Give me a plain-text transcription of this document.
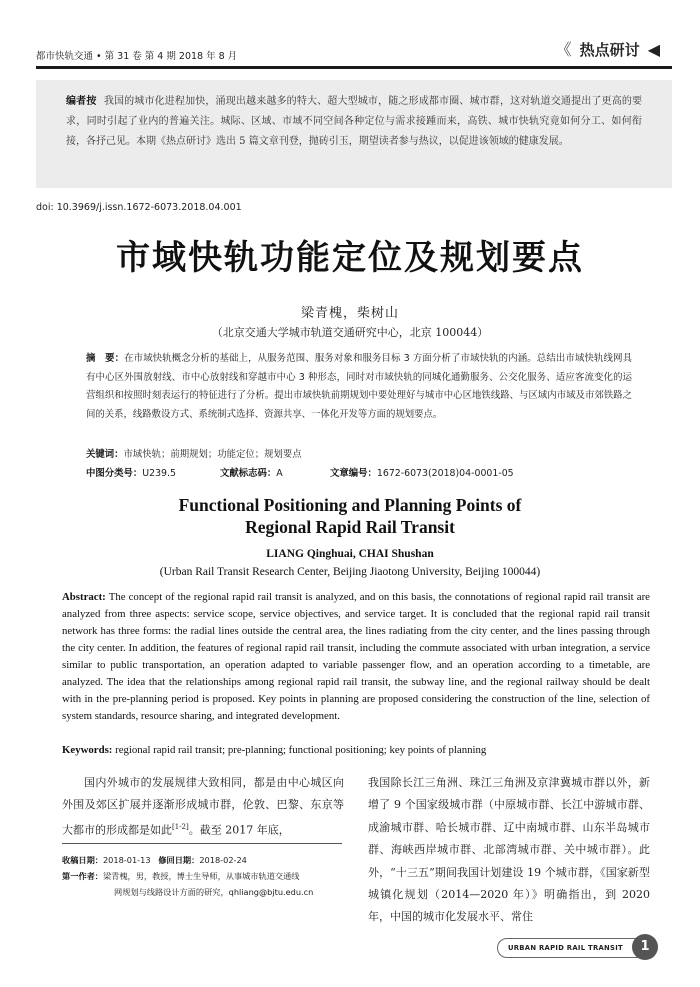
都市快轨交通 • 第 31 卷 第 4 期 2018 年 8 月	《 热点研讨 ◀
编者按 我国的城市化进程加快，涌现出越来越多的特大、超大型城市，随之形成都市圈、城市群，这对轨道交通提出了更高的要求，同时引起了业内的普遍关注。城际、区域、市域不同空间各种定位与需求接踵而来，高铁、城市快轨究竟如何分工、如何衔接，各抒己见。本期《热点研讨》选出 5 篇文章刊登，抛砖引玉，期望读者参与热议，以促进该领域的健康发展。
doi: 10.3969/j.issn.1672-6073.2018.04.001
市域快轨功能定位及规划要点
梁青槐，柴树山
（北京交通大学城市轨道交通研究中心，北京 100044）
摘　要：在市域快轨概念分析的基础上，从服务范围、服务对象和服务目标 3 方面分析了市域快轨的内涵。总结出市域快轨线网具有中心区外围放射线、市中心放射线和穿越市中心 3 种形态，同时对市域快轨的同城化通勤服务、公交化服务、适应客流变化的运营组织和按照时刻表运行的特征进行了分析。提出市域快轨前期规划中要处理好与城市中心区地铁线路、与区域内市域及市郊铁路之间的关系，线路敷设方式、系统制式选择、资源共享、一体化开发等方面的规划要点。
关键词：市域快轨；前期规划；功能定位；规划要点
中图分类号：U239.5	文献标志码：A	文章编号：1672-6073(2018)04-0001-05
Functional Positioning and Planning Points of
Regional Rapid Rail Transit
LIANG Qinghuai, CHAI Shushan
(Urban Rail Transit Research Center, Beijing Jiaotong University, Beijing 100044)
Abstract: The concept of the regional rapid rail transit is analyzed, and on this basis, the connotations of regional rapid rail transit are analyzed from three aspects: service scope, service objectives, and service target. It is concluded that the regional rapid rail transit network has three forms: the radial lines outside the central area, the lines radiating from the city center, and the lines passing through the city center. In addition, the features of regional rapid rail transit, including the commute associated with urban integration, a service similar to public transportation, an operation adapted to variable passenger flow, and an operation according to a timetable, are analyzed. The idea that the relationships among regional rapid rail transit, the subway line, and the regional railway should be dealt with in the pre-planning period is proposed. Key points in planning are proposed considering the construction of the line, selection of system standards, resource sharing, and integrated development.
Keywords: regional rapid rail transit; pre-planning; functional positioning; key points of planning
国内外城市的发展规律大致相同，都是由中心城区向外围及郊区扩展并逐渐形成城市群，伦敦、巴黎、东京等大都市的形成都是如此[1-2]。截至 2017 年底，
收稿日期：2018-01-13 修回日期：2018-02-24
第一作者：梁青槐，男，教授，博士生导师，从事城市轨道交通线
网规划与线路设计方面的研究，qhliang@bjtu.edu.cn
我国除长江三角洲、珠江三角洲及京津冀城市群以外，新增了 9 个国家级城市群（中原城市群、长江中游城市群、成渝城市群、哈长城市群、辽中南城市群、山东半岛城市群、海峡西岸城市群、北部湾城市群、关中城市群）。此外，“十三五”期间我国计划建设 19 个城市群，《国家新型城镇化规划（2014—2020 年）》明确指出，到 2020 年，中国的城市化发展水平、常住
URBAN RAPID RAIL TRANSIT	1
